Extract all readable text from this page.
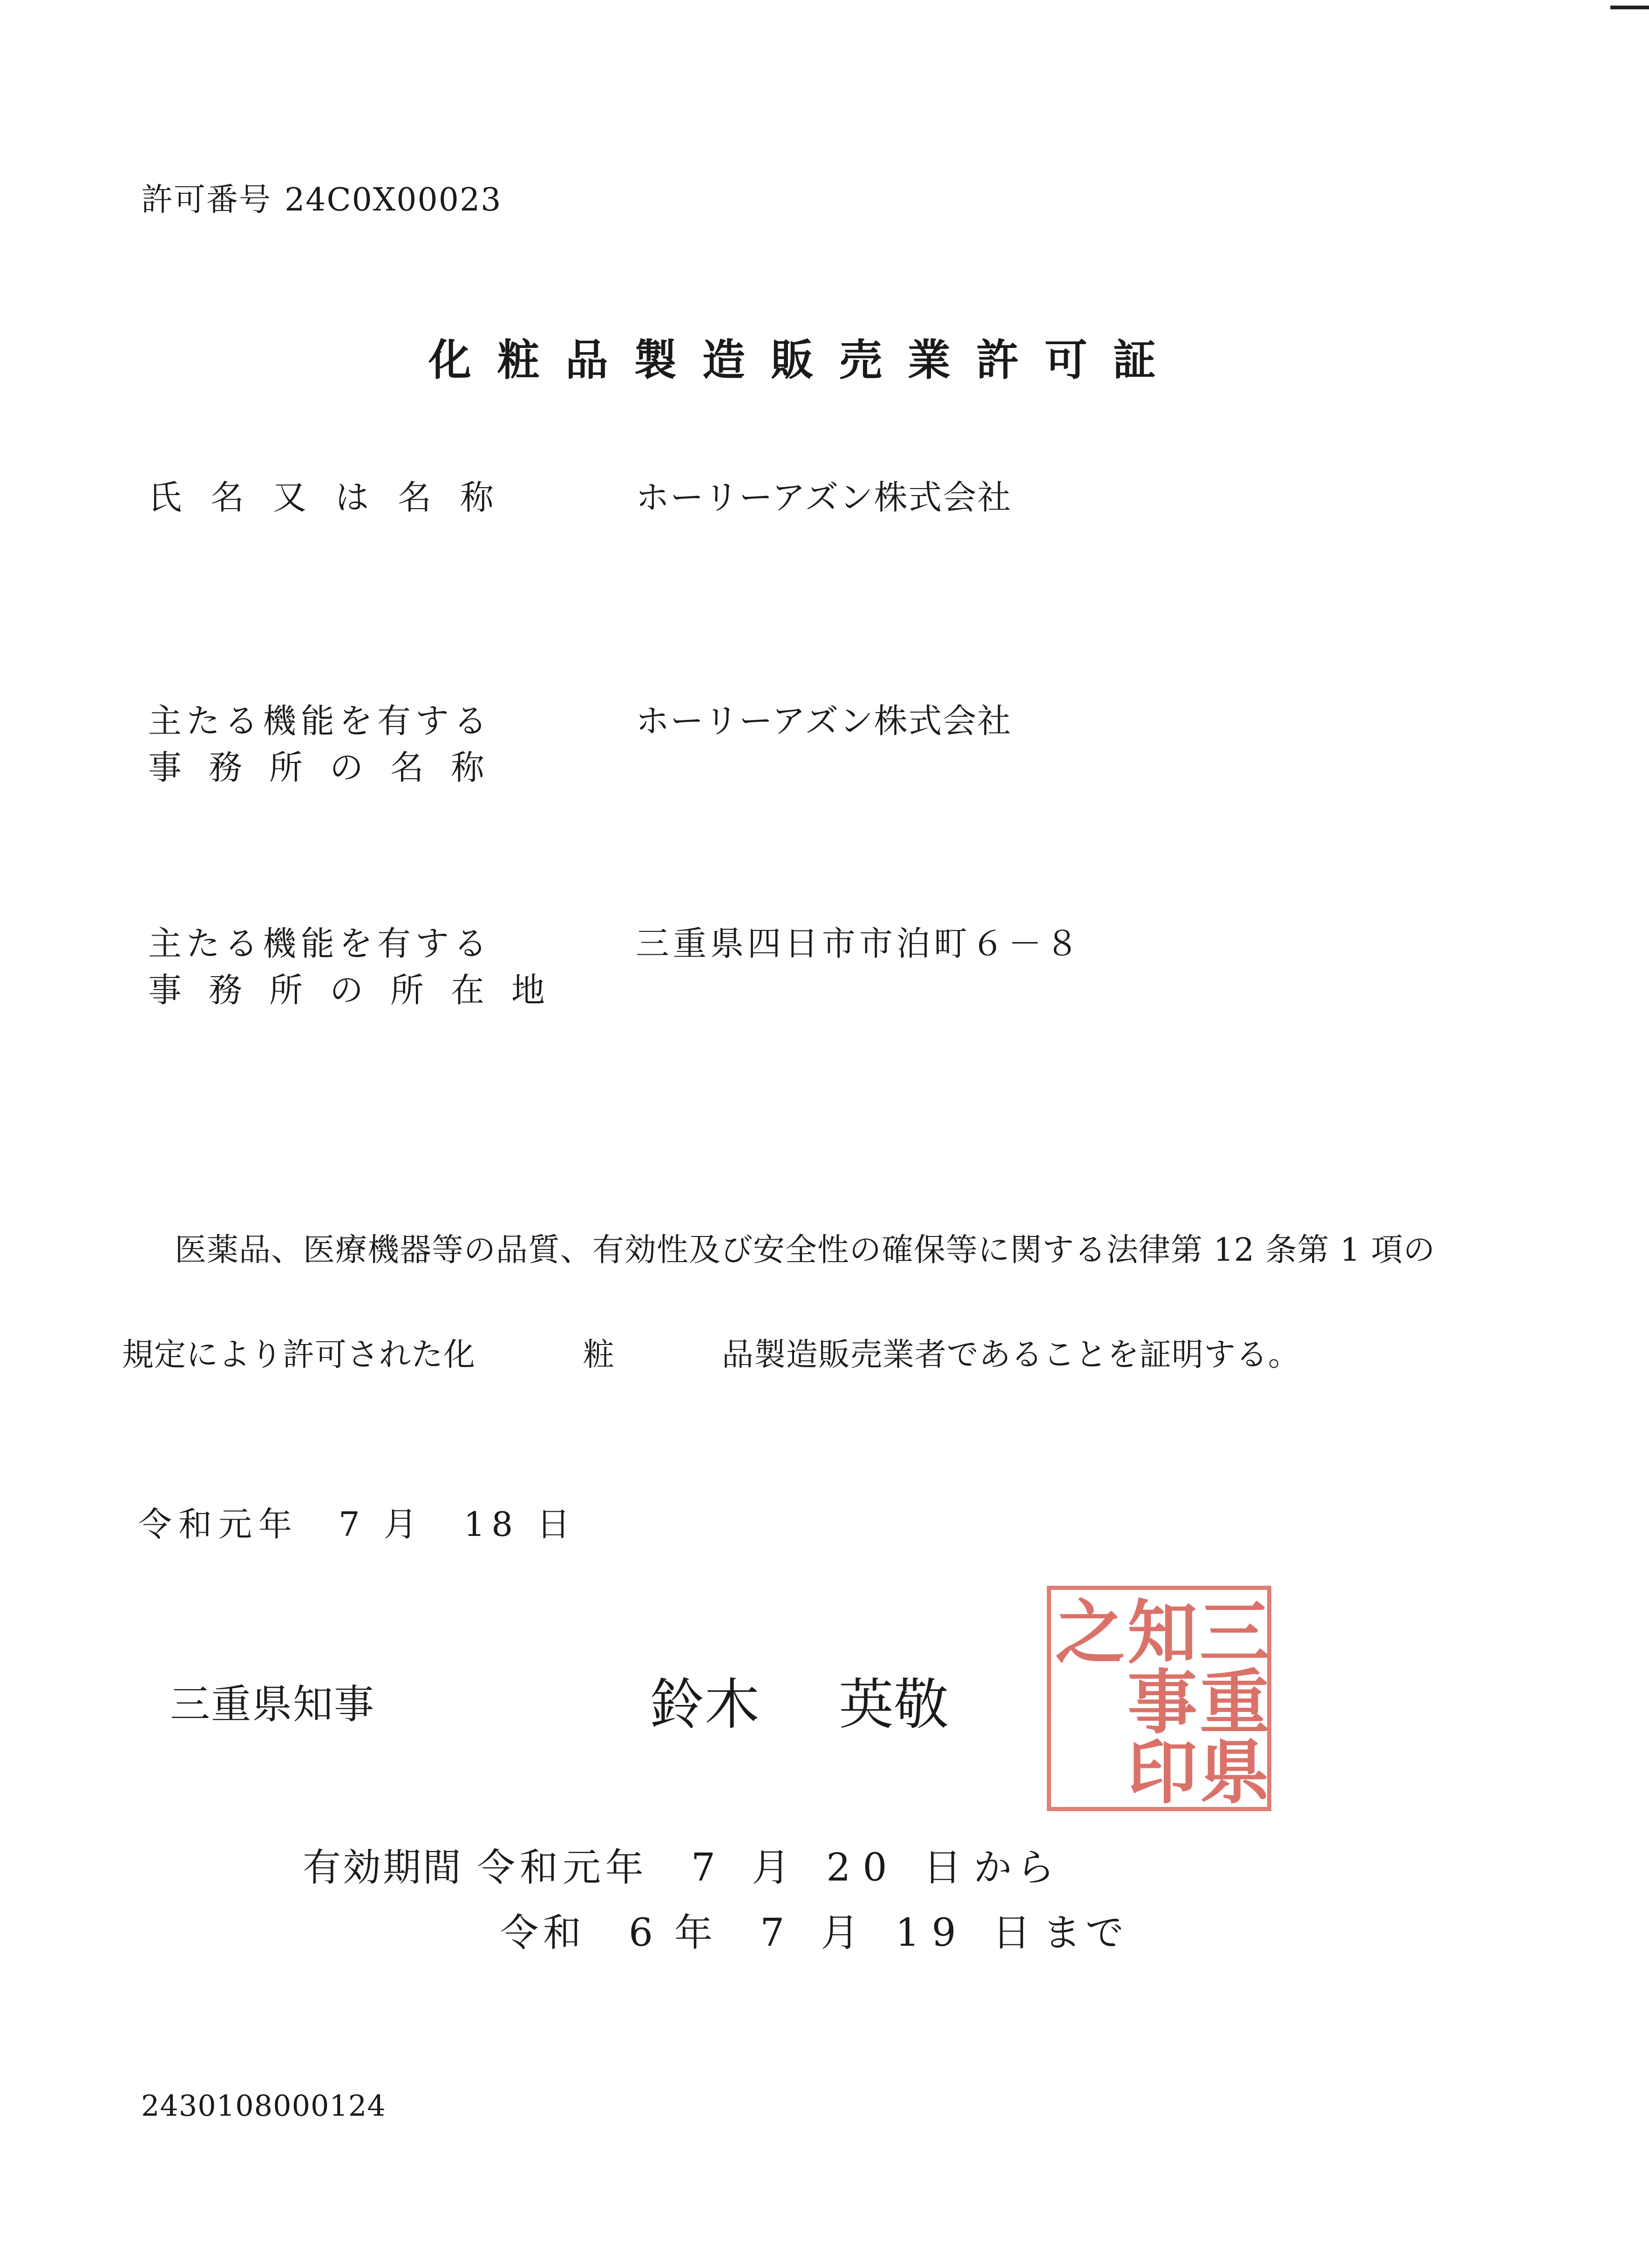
許可番号 24C0X00023
化粧品製造販売業許可証
氏名又は名称	ホーリーアズン株式会社
主たる機能を有する
事務所の名称
ホーリーアズン株式会社
主たる機能を有する
事務所の所在地
三重県四日市市泊町６－８
医薬品、医療機器等の品質、有効性及び安全性の確保等に関する法律第 12 条第 1 項の
規定により許可された化	粧	品製造販売業者であることを証明する。
令和元年　7 月　18 日
三重県知事	鈴木 英敬	三重県
知事印
之
有効期間 令和元年　 7 月 20 日から
令和　6 年　 7 月 19 日まで
2430108000124
